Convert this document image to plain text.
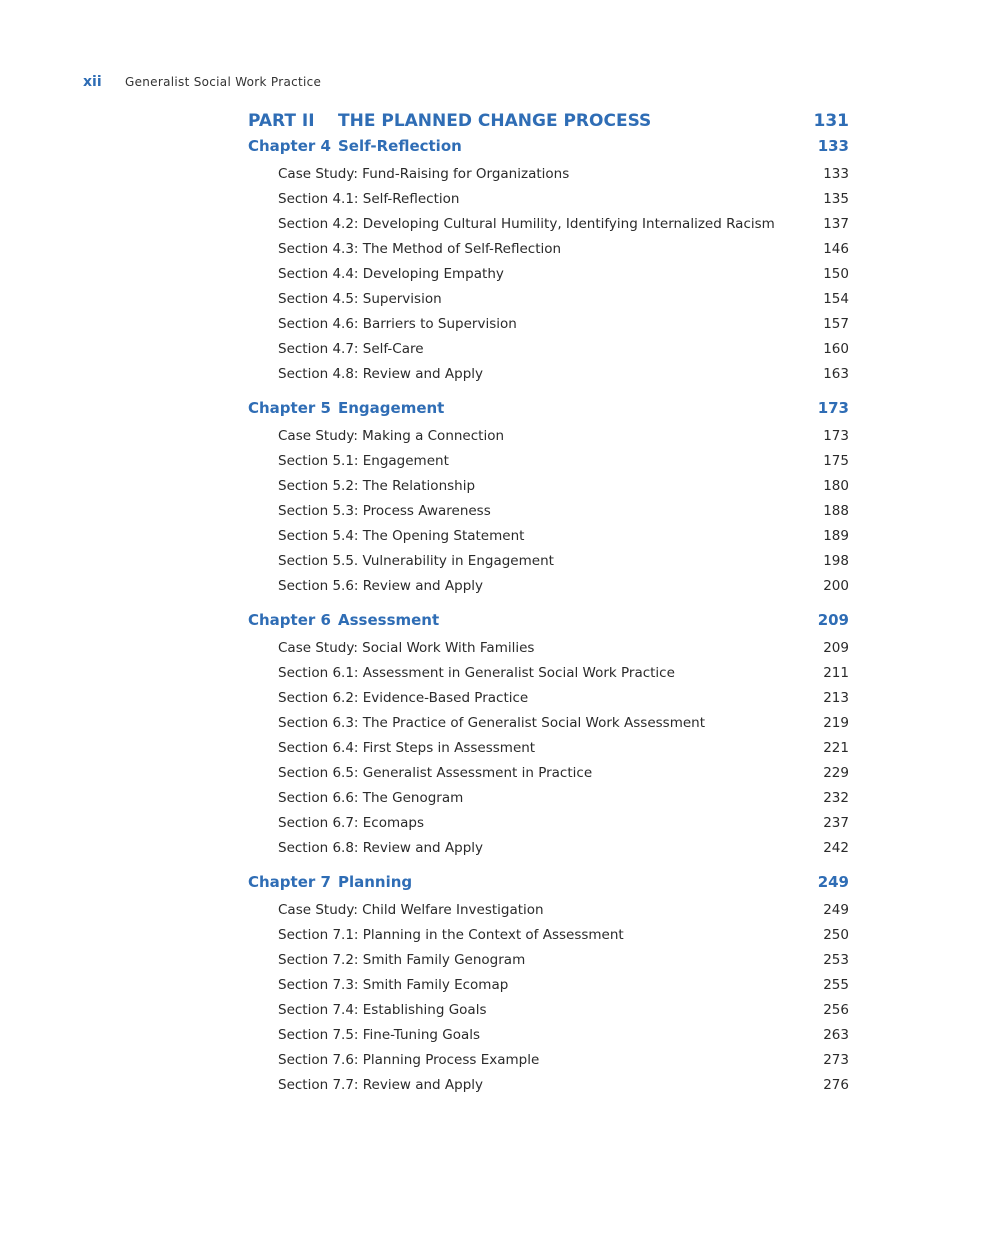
xii	Generalist Social Work Practice
PART II	THE PLANNED CHANGE PROCESS	131
Chapter 4 Self-Reflection	133
Case Study: Fund-Raising for Organizations	133
Section 4.1: Self-Reflection	135
Section 4.2: Developing Cultural Humility, Identifying Internalized Racism	137
Section 4.3: The Method of Self-Reflection	146
Section 4.4: Developing Empathy	150
Section 4.5: Supervision	154
Section 4.6: Barriers to Supervision	157
Section 4.7: Self-Care	160
Section 4.8: Review and Apply	163
Chapter 5 Engagement	173
Case Study: Making a Connection	173
Section 5.1: Engagement	175
Section 5.2: The Relationship	180
Section 5.3: Process Awareness	188
Section 5.4: The Opening Statement	189
Section 5.5. Vulnerability in Engagement	198
Section 5.6: Review and Apply	200
Chapter 6 Assessment	209
Case Study: Social Work With Families	209
Section 6.1: Assessment in Generalist Social Work Practice	211
Section 6.2: Evidence-Based Practice	213
Section 6.3: The Practice of Generalist Social Work Assessment	219
Section 6.4: First Steps in Assessment	221
Section 6.5: Generalist Assessment in Practice	229
Section 6.6: The Genogram	232
Section 6.7: Ecomaps	237
Section 6.8: Review and Apply	242
Chapter 7 Planning	249
Case Study: Child Welfare Investigation	249
Section 7.1: Planning in the Context of Assessment	250
Section 7.2: Smith Family Genogram	253
Section 7.3: Smith Family Ecomap	255
Section 7.4: Establishing Goals	256
Section 7.5: Fine-Tuning Goals	263
Section 7.6: Planning Process Example	273
Section 7.7: Review and Apply	276
